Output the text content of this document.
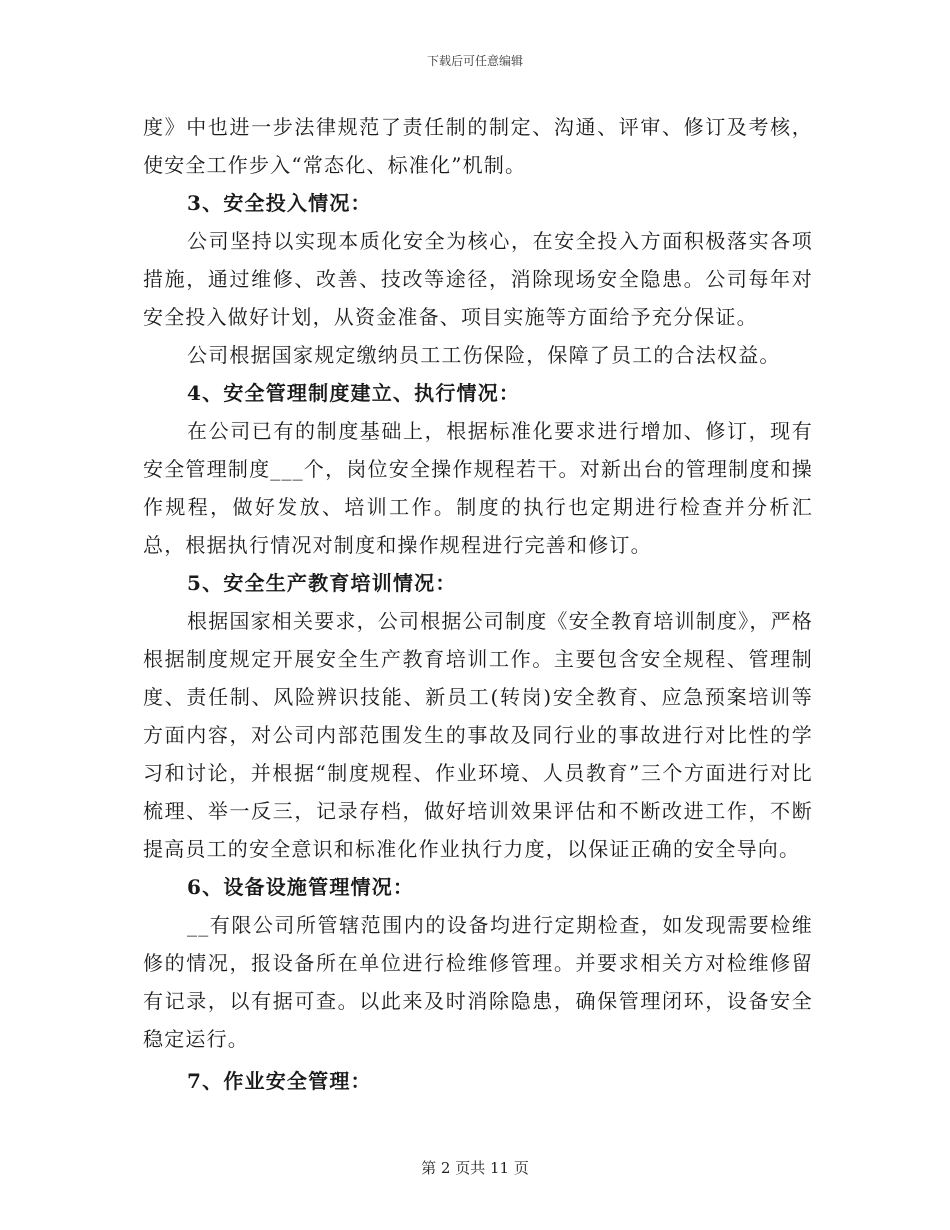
下载后可任意编辑

度》中也进一步法律规范了责任制的制定、沟通、评审、修订及考核，使安全工作步入“常态化、标准化”机制。

3、安全投入情况：

公司坚持以实现本质化安全为核心，在安全投入方面积极落实各项措施，通过维修、改善、技改等途径，消除现场安全隐患。公司每年对安全投入做好计划，从资金准备、项目实施等方面给予充分保证。

公司根据国家规定缴纳员工工伤保险，保障了员工的合法权益。

4、安全管理制度建立、执行情况：

在公司已有的制度基础上，根据标准化要求进行增加、修订，现有安全管理制度___个，岗位安全操作规程若干。对新出台的管理制度和操作规程，做好发放、培训工作。制度的执行也定期进行检查并分析汇总，根据执行情况对制度和操作规程进行完善和修订。

5、安全生产教育培训情况：

根据国家相关要求，公司根据公司制度《安全教育培训制度》，严格根据制度规定开展安全生产教育培训工作。主要包含安全规程、管理制度、责任制、风险辨识技能、新员工(转岗)安全教育、应急预案培训等方面内容，对公司内部范围发生的事故及同行业的事故进行对比性的学习和讨论，并根据“制度规程、作业环境、人员教育”三个方面进行对比梳理、举一反三，记录存档，做好培训效果评估和不断改进工作，不断提高员工的安全意识和标准化作业执行力度，以保证正确的安全导向。

6、设备设施管理情况：

__有限公司所管辖范围内的设备均进行定期检查，如发现需要检维修的情况，报设备所在单位进行检维修管理。并要求相关方对检维修留有记录，以有据可查。以此来及时消除隐患，确保管理闭环，设备安全稳定运行。

7、作业安全管理：

第 2 页共 11 页
